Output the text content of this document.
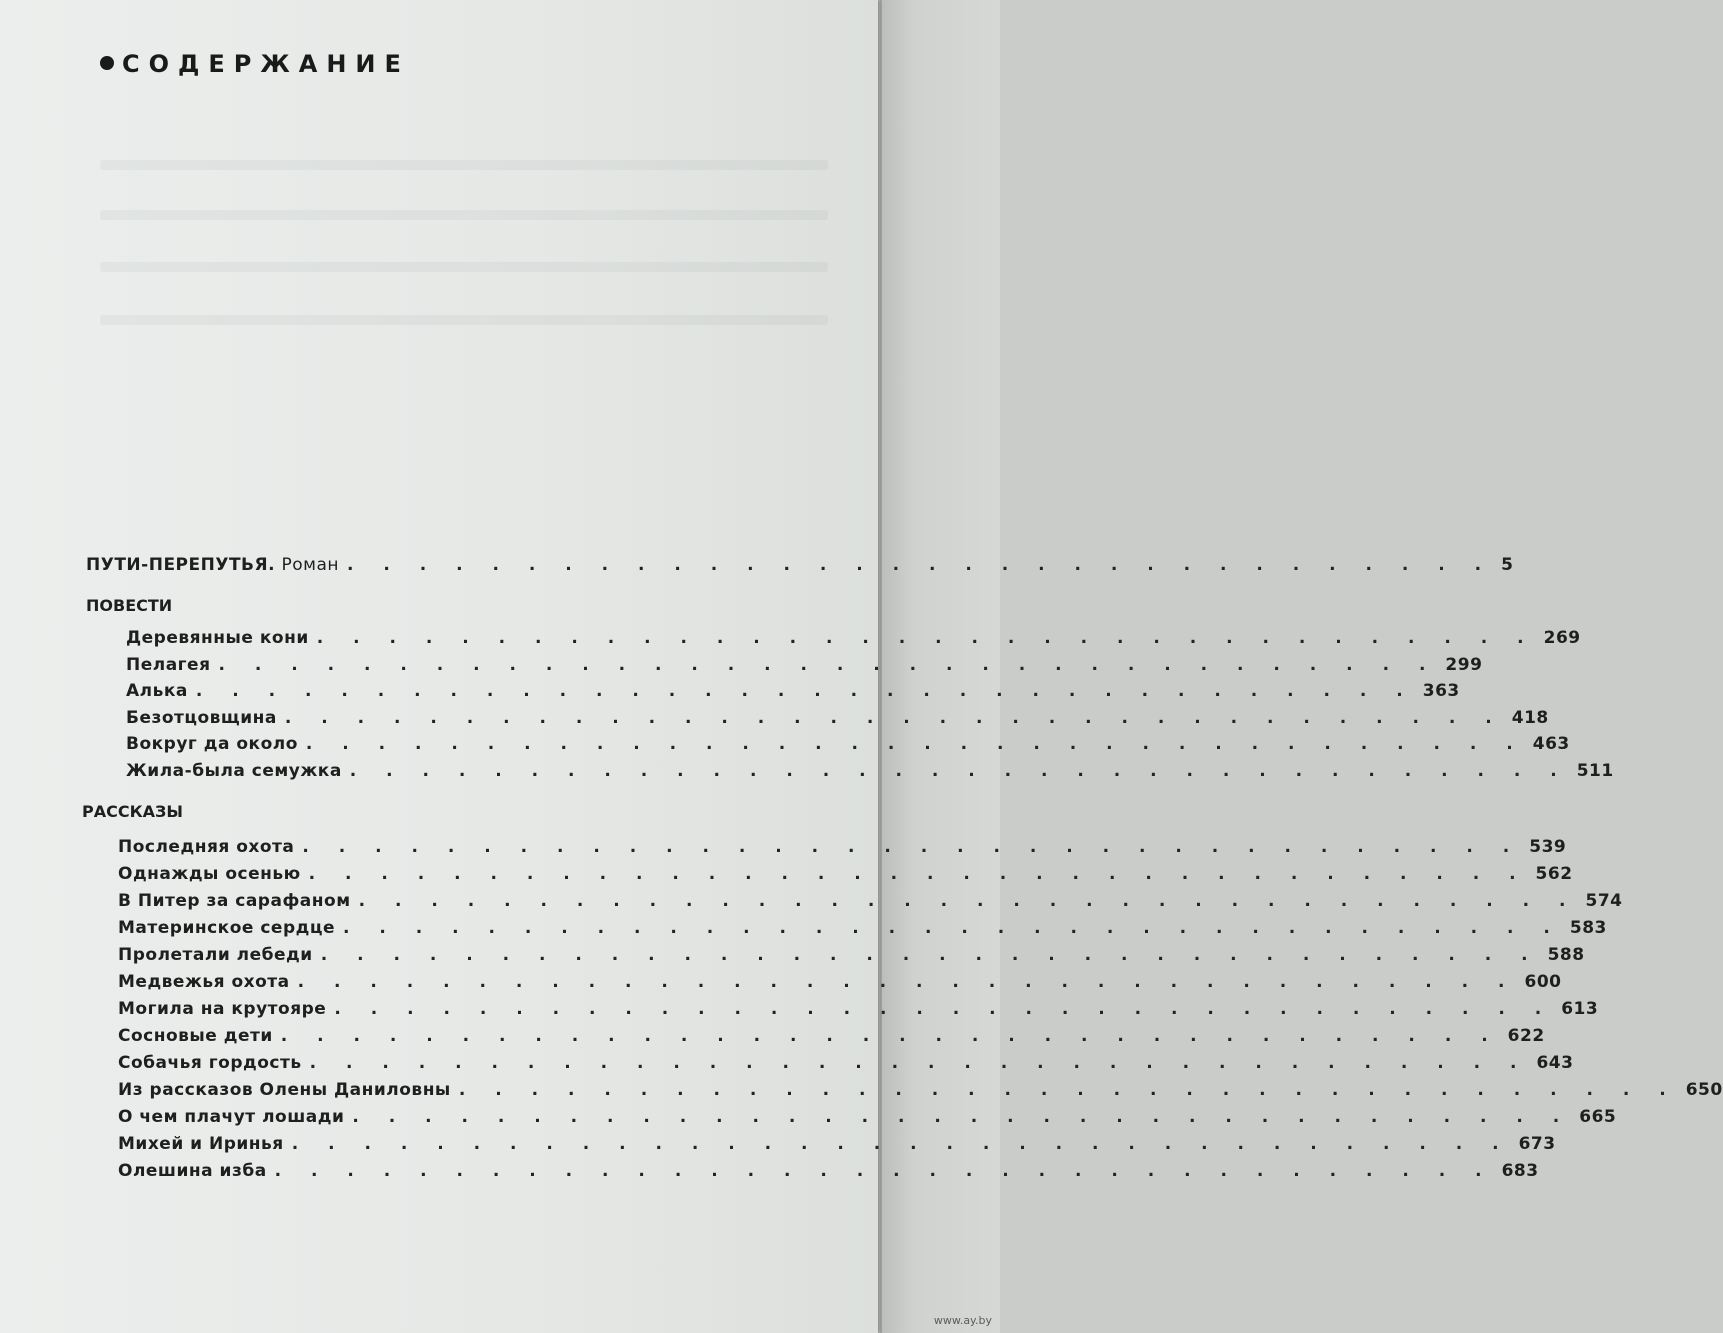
СОДЕРЖАНИЕ
ПУТИ-ПЕРЕПУТЬЯ. Роман . . . . . . . . . . . . . . . . . . . . . . . . . . . . . . . . 5
ПОВЕСТИ
Деревянные кони . . . . . . . . . . . . . . . . . . . . . . . . . . . . . . . . . . 269
Пелагея . . . . . . . . . . . . . . . . . . . . . . . . . . . . . . . . . . 299
Алька . . . . . . . . . . . . . . . . . . . . . . . . . . . . . . . . . . 363
Безотцовщина . . . . . . . . . . . . . . . . . . . . . . . . . . . . . . . . . . 418
Вокруг да около . . . . . . . . . . . . . . . . . . . . . . . . . . . . . . . . . . 463
Жила-была семужка . . . . . . . . . . . . . . . . . . . . . . . . . . . . . . . . . . 511
РАССКАЗЫ
Последняя охота . . . . . . . . . . . . . . . . . . . . . . . . . . . . . . . . . . 539
Однажды осенью . . . . . . . . . . . . . . . . . . . . . . . . . . . . . . . . . . 562
В Питер за сарафаном . . . . . . . . . . . . . . . . . . . . . . . . . . . . . . . . . . 574
Материнское сердце . . . . . . . . . . . . . . . . . . . . . . . . . . . . . . . . . . 583
Пролетали лебеди . . . . . . . . . . . . . . . . . . . . . . . . . . . . . . . . . . 588
Медвежья охота . . . . . . . . . . . . . . . . . . . . . . . . . . . . . . . . . . 600
Могила на крутояре . . . . . . . . . . . . . . . . . . . . . . . . . . . . . . . . . . 613
Сосновые дети . . . . . . . . . . . . . . . . . . . . . . . . . . . . . . . . . . 622
Собачья гордость . . . . . . . . . . . . . . . . . . . . . . . . . . . . . . . . . . 643
Из рассказов Олены Даниловны . . . . . . . . . . . . . . . . . . . . . . . . . . . . . . . . . . 650
О чем плачут лошади . . . . . . . . . . . . . . . . . . . . . . . . . . . . . . . . . . 665
Михей и Иринья . . . . . . . . . . . . . . . . . . . . . . . . . . . . . . . . . . 673
Олешина изба . . . . . . . . . . . . . . . . . . . . . . . . . . . . . . . . . . 683
www.ay.by
